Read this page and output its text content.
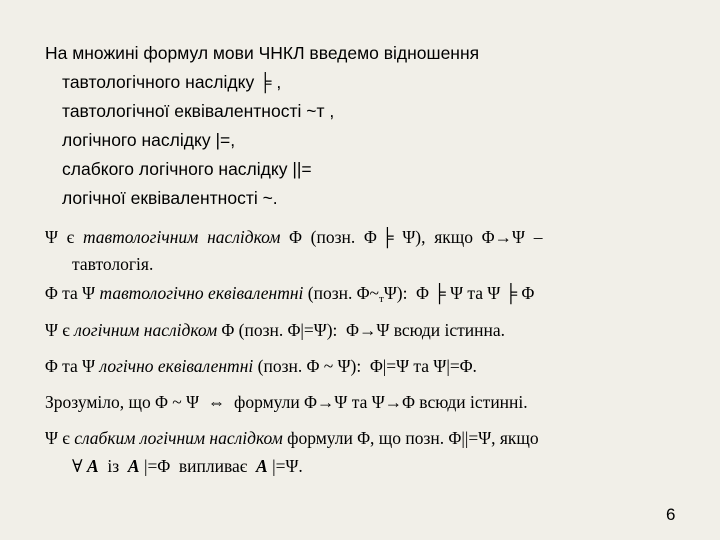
На множині формул мови ЧНКЛ введемо відношення
тавтологічного наслідку ╞ ,
тавтологічної еквівалентності ~т ,
логічного наслідку |=,
слабкого логічного наслідку ||=
логічної еквівалентності ~.
Ψ  є  тавтологічним  наслідком  Φ  (позн.  Φ ╞  Ψ),  якщо  Φ→Ψ  –
тавтологія.
Φ та Ψ тавтологічно еквівалентні (позн. Φ~тΨ):  Φ ╞ Ψ та Ψ ╞ Φ
Ψ є логічним наслідком Φ (позн. Φ|=Ψ):  Φ→Ψ всюди істинна.
Φ та Ψ логічно еквівалентні (позн. Φ ~ Ψ):  Φ|=Ψ та Ψ|=Φ.
Зрозуміло, що Φ ~ Ψ  ⇔  формули Φ→Ψ та Ψ→Φ всюди істинні.
Ψ є слабким логічним наслідком формули Φ, що позн. Φ||=Ψ, якщо
∀ A  із  A |=Φ  випливає  A |=Ψ.
6
